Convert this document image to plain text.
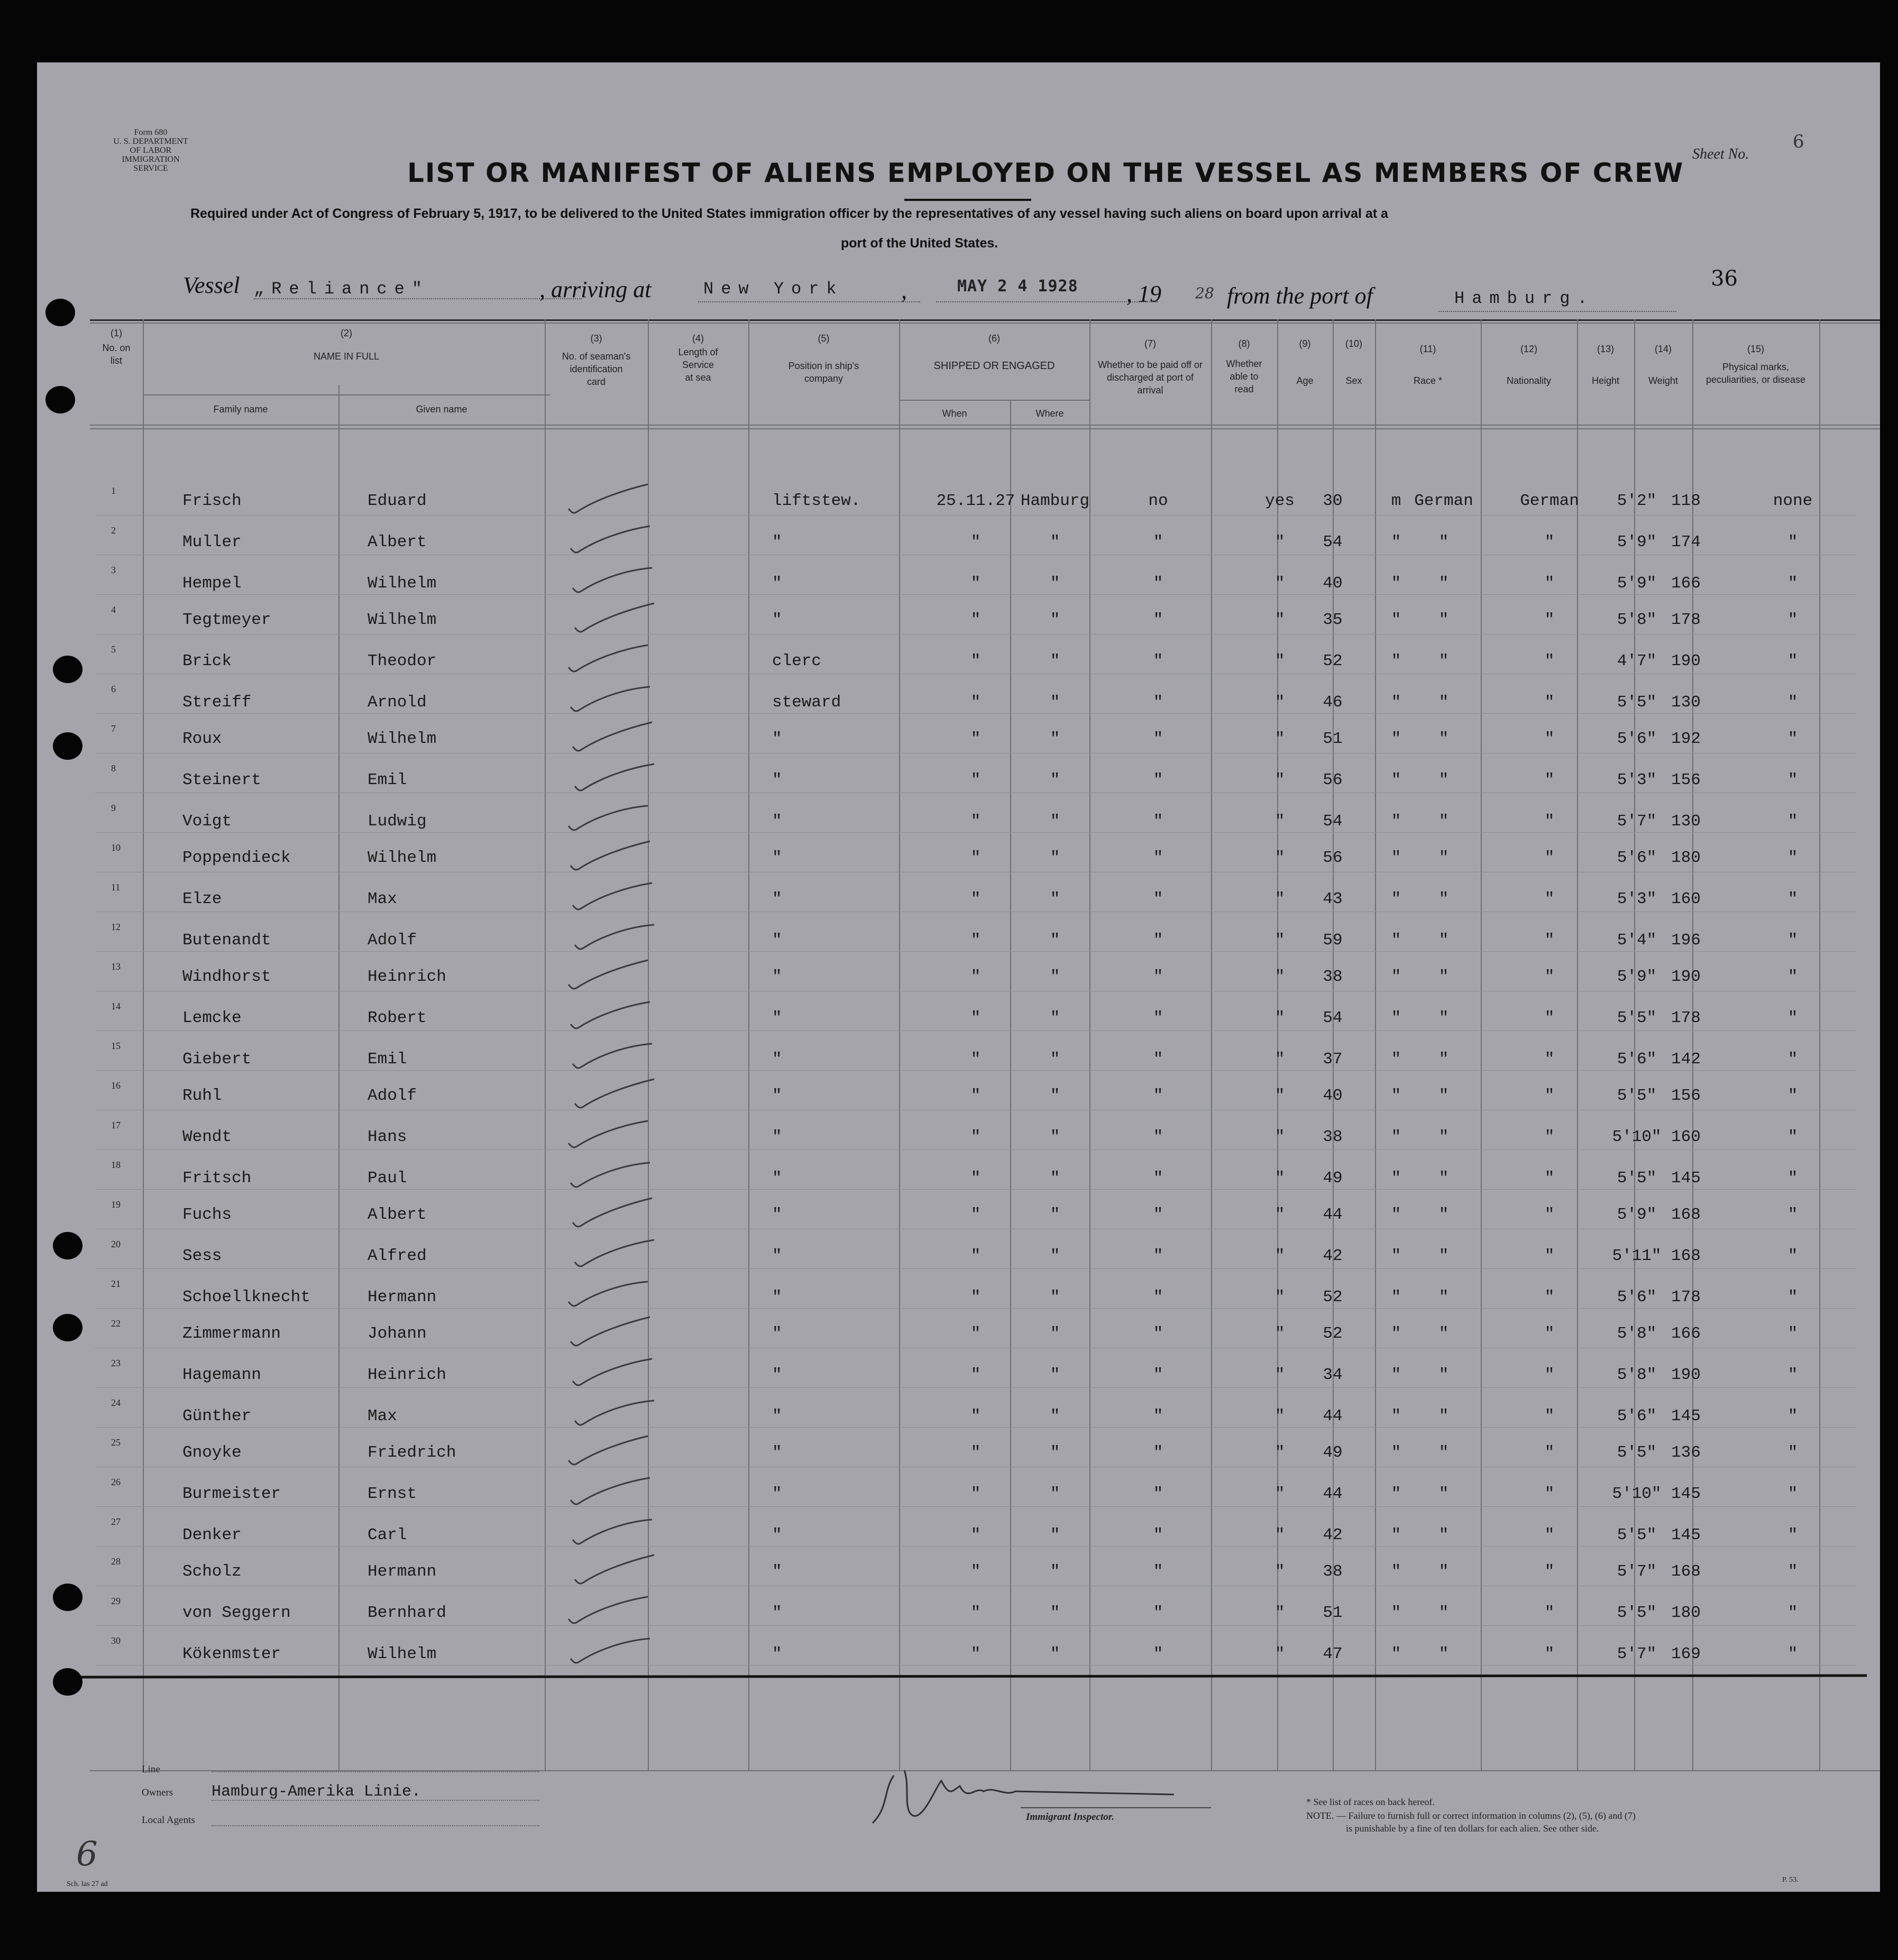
Form 680
U. S. DEPARTMENT OF LABOR
IMMIGRATION SERVICE
Sheet No.
6
LIST OR MANIFEST OF ALIENS EMPLOYED ON THE VESSEL AS MEMBERS OF CREW
Required under Act of Congress of February 5, 1917, to be delivered to the United States immigration officer by the representatives of any vessel having such aliens on board upon arrival at a
port of the United States.
Vessel „Reliance"	, arriving at	New York ,	MAY 2 4 1928 , 19 28 from the port of	Hamburg.
36
(1)
No. on list
(2)
NAME IN FULL
Family name	Given name
(3)
No. of seaman's identification card
(4)
Length of Service at sea
(5)
Position in ship's company
(6)
SHIPPED OR ENGAGED
When	Where
(7)
Whether to be paid off or discharged at port of arrival
(8)
Whether able to read
(9)
Age
(10)
Sex
(11)
Race *
(12)
Nationality
(13)
Height
(14)
Weight
(15)
Physical marks, peculiarities, or disease
1
Frisch	Eduard	liftstew.	25.11.27 Hamburg	no	yes	30	m German	German	5'2" 118	none
2
Muller	Albert	"	"	"	"	"	54	"	"	"	5'9" 174	"
3
Hempel	Wilhelm	"	"	"	"	"	40	"	"	"	5'9" 166	"
4
Tegtmeyer	Wilhelm	"	"	"	"	"	35	"	"	"	5'8" 178	"
5
Brick	Theodor	clerc	"	"	"	"	52	"	"	"	4'7" 190	"
6
Streiff	Arnold	steward	"	"	"	"	46	"	"	"	5'5" 130	"
7
Roux	Wilhelm	"	"	"	"	"	51	"	"	"	5'6" 192	"
8
Steinert	Emil	"	"	"	"	"	56	"	"	"	5'3" 156	"
9
Voigt	Ludwig	"	"	"	"	"	54	"	"	"	5'7" 130	"
10
Poppendieck	Wilhelm	"	"	"	"	"	56	"	"	"	5'6" 180	"
11
Elze	Max	"	"	"	"	"	43	"	"	"	5'3" 160	"
12
Butenandt	Adolf	"	"	"	"	"	59	"	"	"	5'4" 196	"
13
Windhorst	Heinrich	"	"	"	"	"	38	"	"	"	5'9" 190	"
14
Lemcke	Robert	"	"	"	"	"	54	"	"	"	5'5" 178	"
15
Giebert	Emil	"	"	"	"	"	37	"	"	"	5'6" 142	"
16
Ruhl	Adolf	"	"	"	"	"	40	"	"	"	5'5" 156	"
17
Wendt	Hans	"	"	"	"	"	38	"	"	"	5'10" 160	"
18
Fritsch	Paul	"	"	"	"	"	49	"	"	"	5'5" 145	"
19
Fuchs	Albert	"	"	"	"	"	44	"	"	"	5'9" 168	"
20
Sess	Alfred	"	"	"	"	"	42	"	"	"	5'11" 168	"
21
Schoellknecht	Hermann	"	"	"	"	"	52	"	"	"	5'6" 178	"
22
Zimmermann	Johann	"	"	"	"	"	52	"	"	"	5'8" 166	"
23
Hagemann	Heinrich	"	"	"	"	"	34	"	"	"	5'8" 190	"
24
Günther	Max	"	"	"	"	"	44	"	"	"	5'6" 145	"
25
Gnoyke	Friedrich	"	"	"	"	"	49	"	"	"	5'5" 136	"
26
Burmeister	Ernst	"	"	"	"	"	44	"	"	"	5'10" 145	"
27
Denker	Carl	"	"	"	"	"	42	"	"	"	5'5" 145	"
28
Scholz	Hermann	"	"	"	"	"	38	"	"	"	5'7" 168	"
29
von Seggern	Bernhard	"	"	"	"	"	51	"	"	"	5'5" 180	"
30
Kökenmster	Wilhelm	"	"	"	"	"	47	"	"	"	5'7" 169	"
Line
Owners Hamburg-Amerika Linie.
Local Agents	Immigrant Inspector.
* See list of races on back hereof.
NOTE. — Failure to furnish full or correct information in columns (2), (5), (6) and (7)
is punishable by a fine of ten dollars for each alien. See other side.
6
Sch. las 27 ad
P. 53.
